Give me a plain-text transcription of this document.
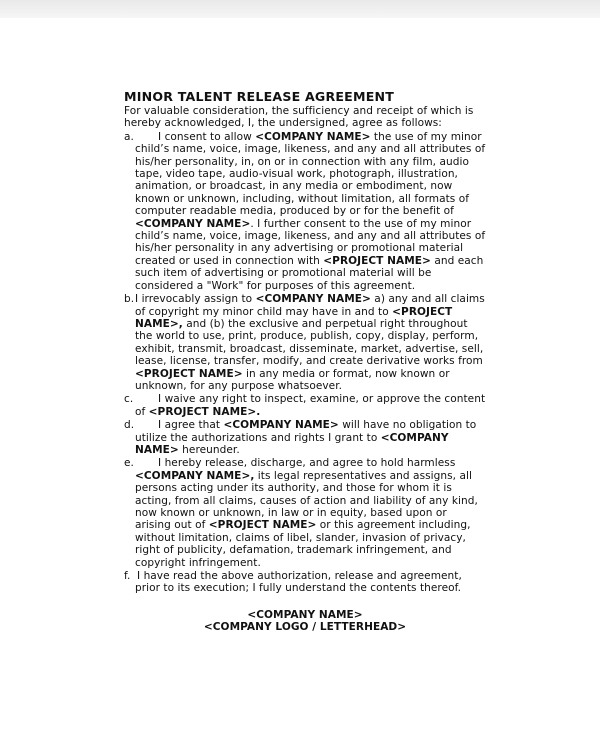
MINOR TALENT RELEASE AGREEMENT

For valuable consideration, the sufficiency and receipt of which is hereby acknowledged, I, the undersigned, agree as follows:

a.	I consent to allow <COMPANY NAME> the use of my minor child’s name, voice, image, likeness, and any and all attributes of his/her personality, in, on or in connection with any film, audio tape, video tape, audio-visual work, photograph, illustration, animation, or broadcast, in any media or embodiment, now known or unknown, including, without limitation, all formats of computer readable media, produced by or for the benefit of <COMPANY NAME>. I further consent to the use of my minor child’s name, voice, image, likeness, and any and all attributes of his/her personality in any advertising or promotional material created or used in connection with <PROJECT NAME> and each such item of advertising or promotional material will be considered a "Work" for purposes of this agreement.
b. I irrevocably assign to <COMPANY NAME> a) any and all claims of copyright my minor child may have in and to <PROJECT NAME>, and (b) the exclusive and perpetual right throughout the world to use, print, produce, publish, copy, display, perform, exhibit, transmit, broadcast, disseminate, market, advertise, sell, lease, license, transfer, modify, and create derivative works from <PROJECT NAME> in any media or format, now known or unknown, for any purpose whatsoever.
c.	I waive any right to inspect, examine, or approve the content of <PROJECT NAME>.
d.	I agree that <COMPANY NAME> will have no obligation to utilize the authorizations and rights I grant to <COMPANY NAME> hereunder.
e.	I hereby release, discharge, and agree to hold harmless <COMPANY NAME>, its legal representatives and assigns, all persons acting under its authority, and those for whom it is acting, from all claims, causes of action and liability of any kind, now known or unknown, in law or in equity, based upon or arising out of <PROJECT NAME> or this agreement including, without limitation, claims of libel, slander, invasion of privacy, right of publicity, defamation, trademark infringement, and copyright infringement.
f. I have read the above authorization, release and agreement, prior to its execution; I fully understand the contents thereof.
<COMPANY NAME>
<COMPANY LOGO / LETTERHEAD>
